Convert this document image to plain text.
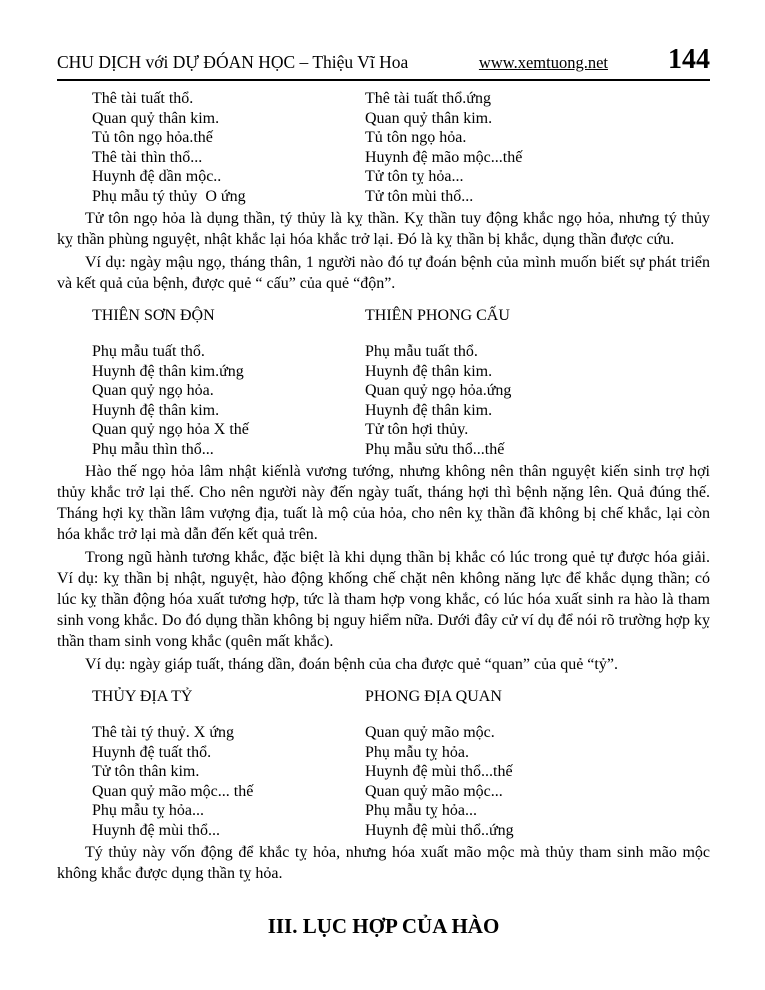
CHU DỊCH với DỰ ĐÓAN HỌC – Thiệu Vĩ Hoa	www.xemtuong.net 144
Thê tài tuất thổ.
Quan quỷ thân kim.
Tủ tôn ngọ hỏa.thế
Thê tài thìn thổ...
Huynh đệ dần mộc..
Phụ mẫu tý thủy  O ứng
Thê tài tuất thổ.ứng
Quan quỷ thân kim.
Tủ tôn ngọ hỏa.
Huynh đệ mão mộc...thế
Tử tôn tỵ hỏa...
Tử tôn mùi thổ...

Tử tôn ngọ hỏa là dụng thần, tý thủy là kỵ thần. Kỵ thần tuy động khắc ngọ hỏa, nhưng tý thủy kỵ thần phùng nguyệt, nhật khắc lại hóa khắc trở lại. Đó là kỵ thần bị khắc, dụng thần được cứu.

Ví dụ: ngày mậu ngọ, tháng thân, 1 người nào đó tự đoán bệnh của mình muốn biết sự phát triển và kết quả của bệnh, được quẻ “ cấu” của quẻ “độn”.

THIÊN SƠN ĐỘN
Phụ mẫu tuất thổ.
Huynh đệ thân kim.ứng
Quan quỷ ngọ hỏa.
Huynh đệ thân kim.
Quan quỷ ngọ hỏa X thế
Phụ mẫu thìn thổ...
THIÊN PHONG CẤU
Phụ mẫu tuất thổ.
Huynh đệ thân kim.
Quan quỷ ngọ hỏa.ứng
Huynh đệ thân kim.
Tử tôn hợi thủy.
Phụ mẫu sửu thổ...thế

Hào thế ngọ hỏa lâm nhật kiếnlà vương tướng, nhưng không nên thân nguyệt kiến sinh trợ hợi thủy khắc trở lại thế. Cho nên người này đến ngày tuất, tháng hợi thì bệnh nặng lên. Quả đúng thế. Tháng hợi kỵ thần lâm vượng địa, tuất là mộ của hỏa, cho nên kỵ thần đã không bị chế khắc, lại còn hóa khắc trở lại mà dẫn đến kết quả trên.

Trong ngũ hành tương khắc, đặc biệt là khi dụng thần bị khắc có lúc trong quẻ tự được hóa giải. Ví dụ: kỵ thần bị nhật, nguyệt, hào động khống chế chặt nên không năng lực để khắc dụng thần; có lúc kỵ thần động hóa xuất tương hợp, tức là tham hợp vong khắc, có lúc hóa xuất sinh ra hào là tham sinh vong khắc. Do đó dụng thần không bị nguy hiểm nữa. Dưới đây cử ví dụ để nói rõ trường hợp kỵ thần tham sinh vong khắc (quên mất khắc).

Ví dụ: ngày giáp tuất, tháng dần, đoán bệnh của cha được quẻ “quan” của quẻ “tỷ”.

THỦY ĐỊA TỶ
Thê tài tý thuỷ. X ứng
Huynh đệ tuất thổ.
Tử tôn thân kim.
Quan quỷ mão mộc... thế
Phụ mẫu tỵ hỏa...
Huynh đệ mùi thổ...
PHONG ĐỊA QUAN
Quan quỷ mão mộc.
Phụ mẫu tỵ hỏa.
Huynh đệ mùi thổ...thế
Quan quỷ mão mộc...
Phụ mẫu tỵ hỏa...
Huynh đệ mùi thổ..ứng

Tý thủy này vốn động để khắc tỵ hỏa, nhưng hóa xuất mão mộc mà thủy tham sinh mão mộc không khắc được dụng thần tỵ hỏa.

III. LỤC HỢP CỦA HÀO
